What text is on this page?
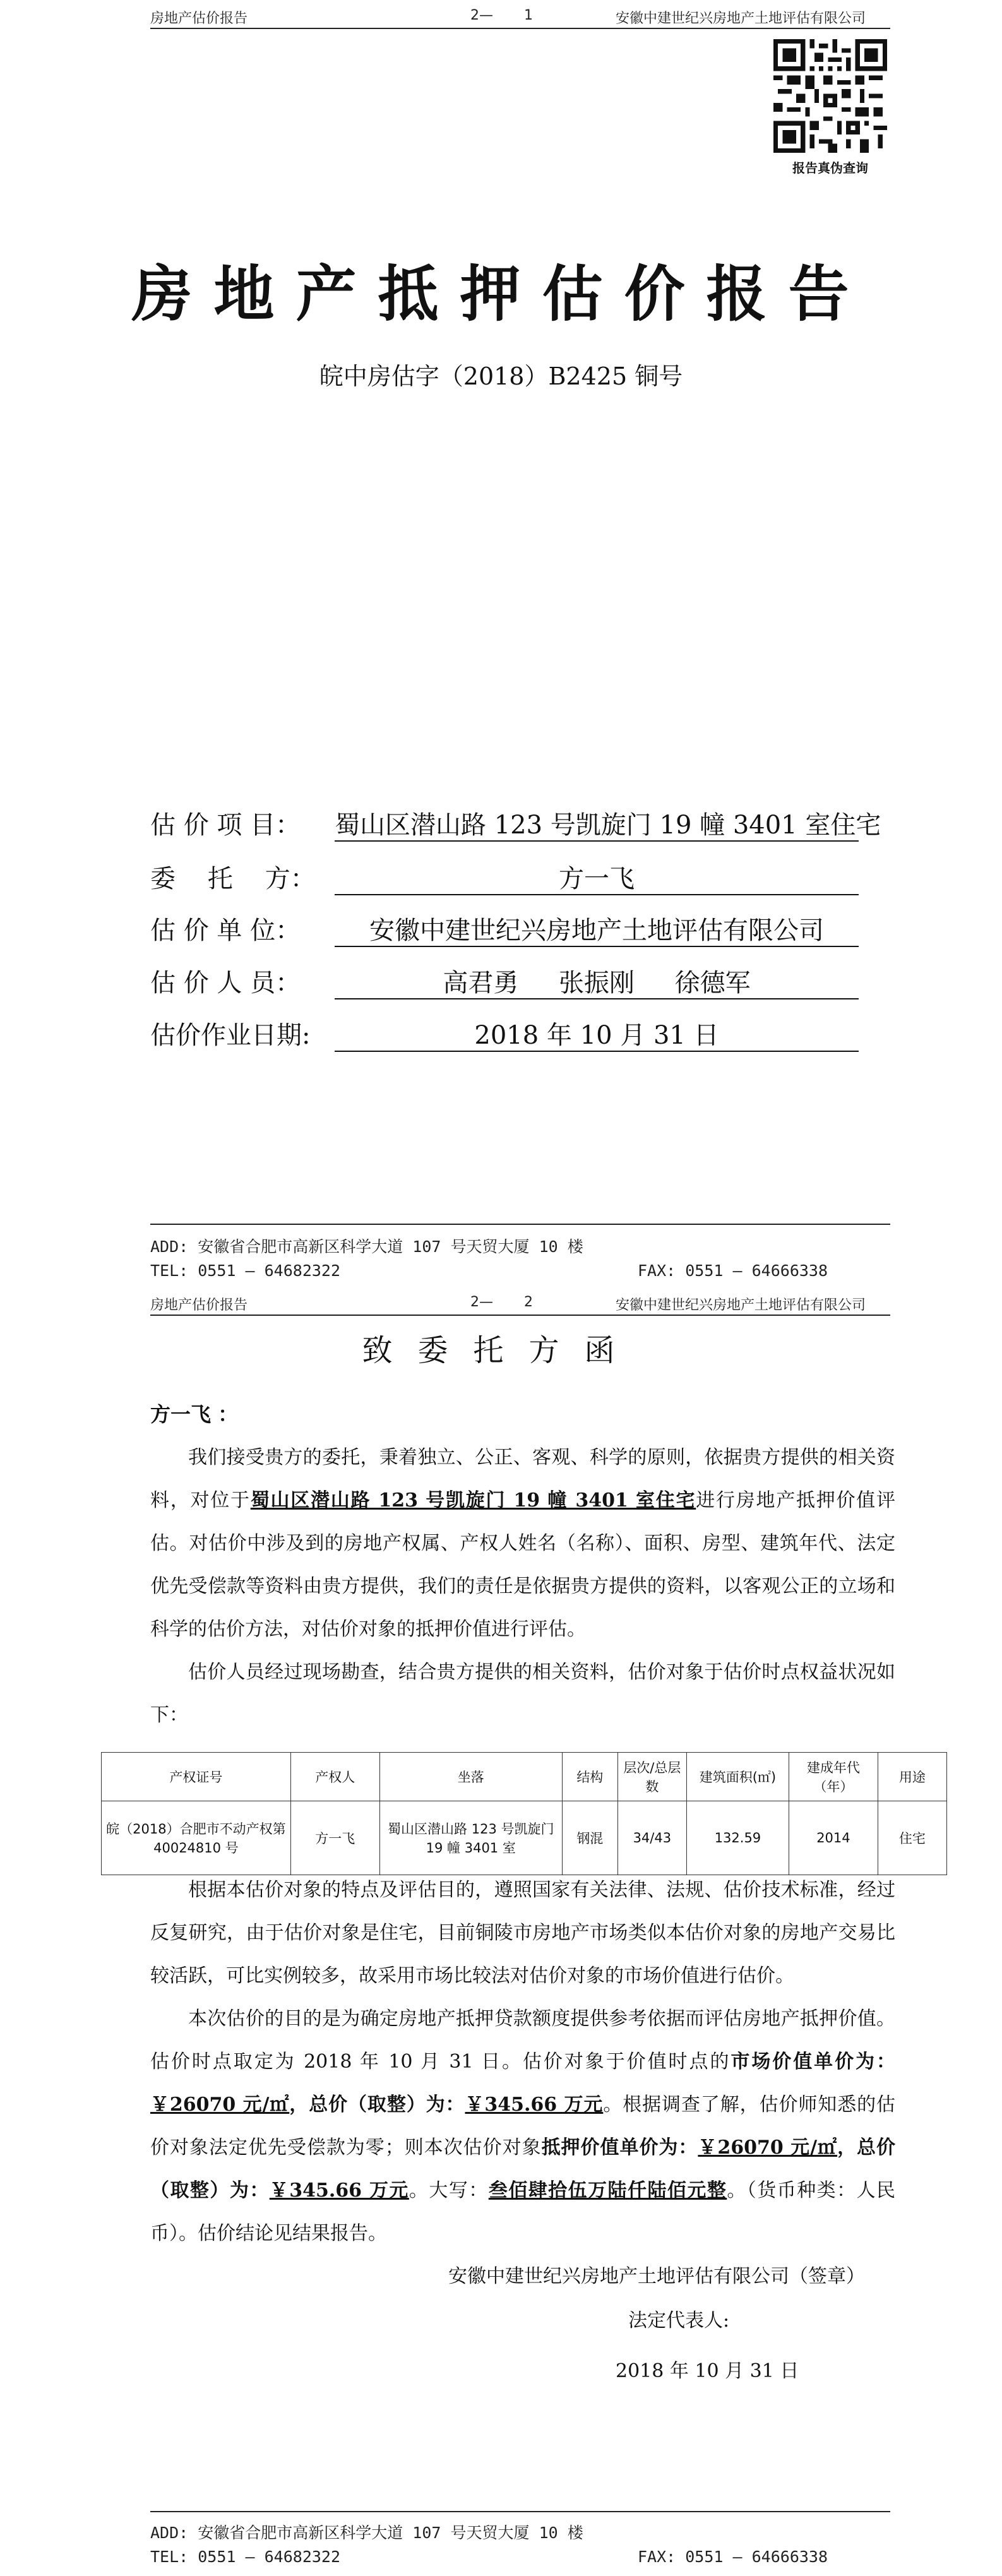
房地产估价报告	2—       1	安徽中建世纪兴房地产土地评估有限公司
报告真伪查询
房地产抵押估价报告
皖中房估字（2018）B2425 铜号
估 价 项 目： 蜀山区潜山路 123 号凯旋门 19 幢 3401 室住宅
委    托    方：	方一飞
估 价 单 位：	安徽中建世纪兴房地产土地评估有限公司
估 价 人 员：	高君勇     张振刚     徐德军
估价作业日期:	2018 年 10 月 31 日
ADD: 安徽省合肥市高新区科学大道 107 号天贸大厦 10 楼
TEL: 0551 — 64682322	FAX: 0551 — 64666338
房地产估价报告	2—       2	安徽中建世纪兴房地产土地评估有限公司
致委托方函
方一飞 ：

我们接受贵方的委托，秉着独立、公正、客观、科学的原则，依据贵方提供的相关资料，对位于蜀山区潜山路 123 号凯旋门 19 幢 3401 室住宅进行房地产抵押价值评估。对估价中涉及到的房地产权属、产权人姓名（名称）、面积、房型、建筑年代、法定优先受偿款等资料由贵方提供，我们的责任是依据贵方提供的资料，以客观公正的立场和科学的估价方法，对估价对象的抵押价值进行评估。

估价人员经过现场勘查，结合贵方提供的相关资料，估价对象于估价时点权益状况如下：

产权证号	产权人	坐落	结构	层次/总层数	建筑面积(㎡)	建成年代（年）	用途
皖（2018）合肥市不动产权第 40024810 号	方一飞	蜀山区潜山路 123 号凯旋门 19 幢 3401 室	钢混	34/43	132.59	2014	住宅

根据本估价对象的特点及评估目的，遵照国家有关法律、法规、估价技术标准，经过反复研究，由于估价对象是住宅，目前铜陵市房地产市场类似本估价对象的房地产交易比较活跃，可比实例较多，故采用市场比较法对估价对象的市场价值进行估价。

本次估价的目的是为确定房地产抵押贷款额度提供参考依据而评估房地产抵押价值。估价时点取定为 2018 年 10 月 31 日。估价对象于价值时点的市场价值单价为：￥26070 元/㎡，总价（取整）为：￥345.66 万元。根据调查了解，估价师知悉的估价对象法定优先受偿款为零；则本次估价对象抵押价值单价为：￥26070 元/㎡，总价（取整）为：￥345.66 万元。大写：叁佰肆拾伍万陆仟陆佰元整。（货币种类：人民币）。估价结论见结果报告。

安徽中建世纪兴房地产土地评估有限公司（签章）
法定代表人:
2018 年 10 月 31 日
ADD: 安徽省合肥市高新区科学大道 107 号天贸大厦 10 楼
TEL: 0551 — 64682322	FAX: 0551 — 64666338
